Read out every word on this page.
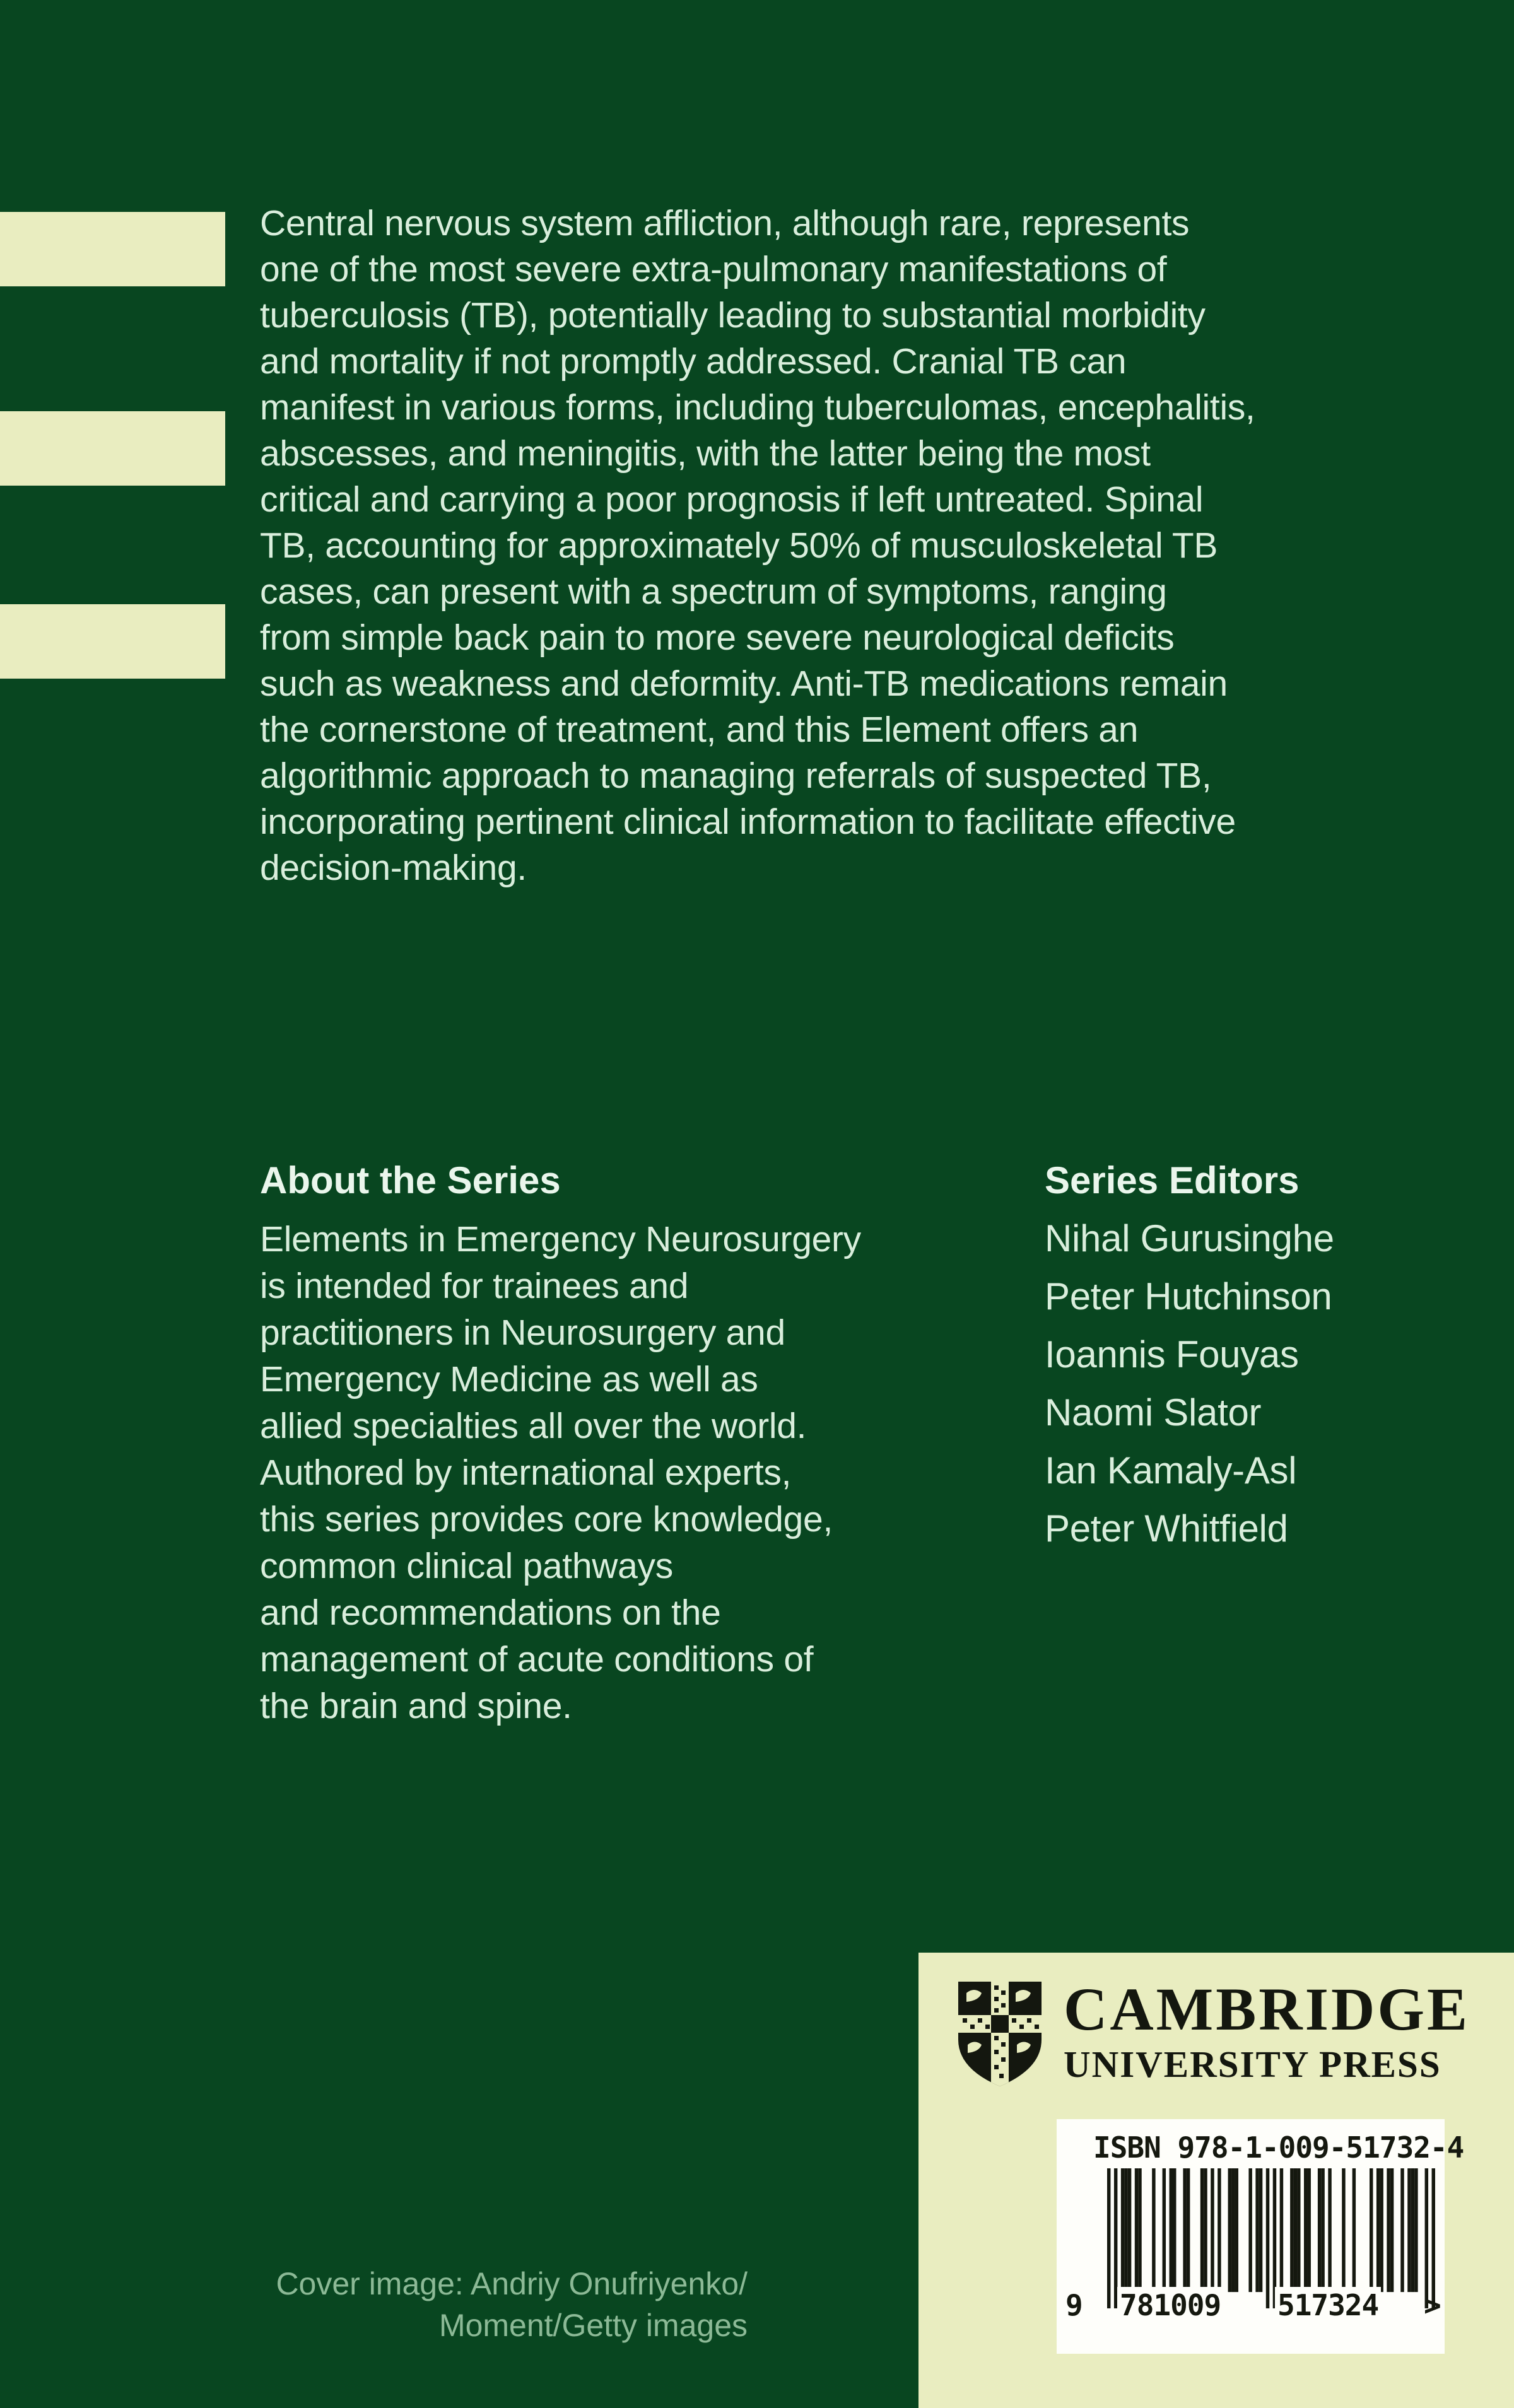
Central nervous system affliction, although rare, represents
one of the most severe extra-pulmonary manifestations of
tuberculosis (TB), potentially leading to substantial morbidity
and mortality if not promptly addressed. Cranial TB can
manifest in various forms, including tuberculomas, encephalitis,
abscesses, and meningitis, with the latter being the most
critical and carrying a poor prognosis if left untreated. Spinal
TB, accounting for approximately 50% of musculoskeletal TB
cases, can present with a spectrum of symptoms, ranging
from simple back pain to more severe neurological deficits
such as weakness and deformity. Anti-TB medications remain
the cornerstone of treatment, and this Element offers an
algorithmic approach to managing referrals of suspected TB,
incorporating pertinent clinical information to facilitate effective
decision-making.
About the Series
Elements in Emergency Neurosurgery
is intended for trainees and
practitioners in Neurosurgery and
Emergency Medicine as well as
allied specialties all over the world.
Authored by international experts,
this series provides core knowledge,
common clinical pathways
and recommendations on the
management of acute conditions of
the brain and spine.
Series Editors
Nihal Gurusinghe
Peter Hutchinson
Ioannis Fouyas
Naomi Slator
Ian Kamaly-Asl
Peter Whitfield
CAMBRIDGE
UNIVERSITY PRESS
ISBN 978-1-009-51732-4
9 781009 517324 >
Cover image: Andriy Onufriyenko/
Moment/Getty images
